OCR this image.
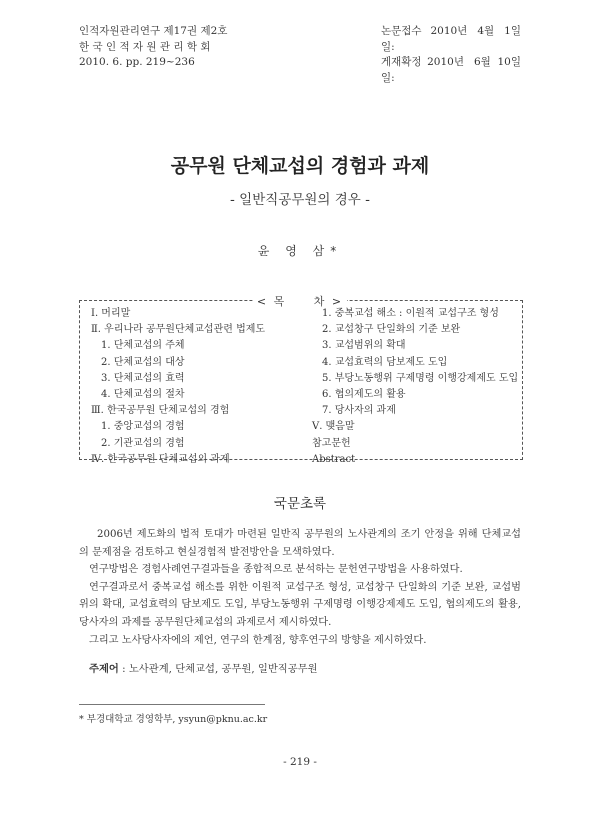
인적자원관리연구 제17권 제2호
한 국 인 적 자 원 관 리 학 회
2010. 6. pp. 219~236
논문접수일:
2010년   4월   1일
게재확정일:
2010년   6월  10일
공무원 단체교섭의 경험과 과제
- 일반직공무원의 경우 -
윤 영 삼*
< 목     차 >
Ⅰ. 머리말
Ⅱ. 우리나라 공무원단체교섭관련 법제도
1. 단체교섭의 주체
2. 단체교섭의 대상
3. 단체교섭의 효력
4. 단체교섭의 절차
Ⅲ. 한국공무원 단체교섭의 경험
1. 중앙교섭의 경험
2. 기관교섭의 경험
Ⅳ. 한국공무원 단체교섭의 과제
1. 중복교섭 해소 : 이원적 교섭구조 형성
2. 교섭창구 단일화의 기준 보완
3. 교섭범위의 확대
4. 교섭효력의 담보제도 도입
5. 부당노동행위 구제명령 이행강제제도 도입
6. 협의제도의 활용
7. 당사자의 과제
Ⅴ. 맺음말
참고문헌
Abstract
국문초록

2006년 제도화의 법적 토대가 마련된 일반직 공무원의 노사관계의 조기 안정을 위해 단체교섭의 문제점을 검토하고 현실경험적 발전방안을 모색하였다.

연구방법은 경험사례연구결과들을 종합적으로 분석하는 문헌연구방법을 사용하였다.

연구결과로서 중복교섭 해소를 위한 이원적 교섭구조 형성, 교섭창구 단일화의 기준 보완, 교섭범위의 확대, 교섭효력의 담보제도 도입, 부당노동행위 구제명령 이행강제제도 도입, 협의제도의 활용, 당사자의 과제를 공무원단체교섭의 과제로서 제시하였다.

그리고 노사당사자에의 제언, 연구의 한계점, 향후연구의 방향을 제시하였다.

주제어 : 노사관계, 단체교섭, 공무원, 일반직공무원
* 부경대학교 경영학부, ysyun@pknu.ac.kr
- 219 -
